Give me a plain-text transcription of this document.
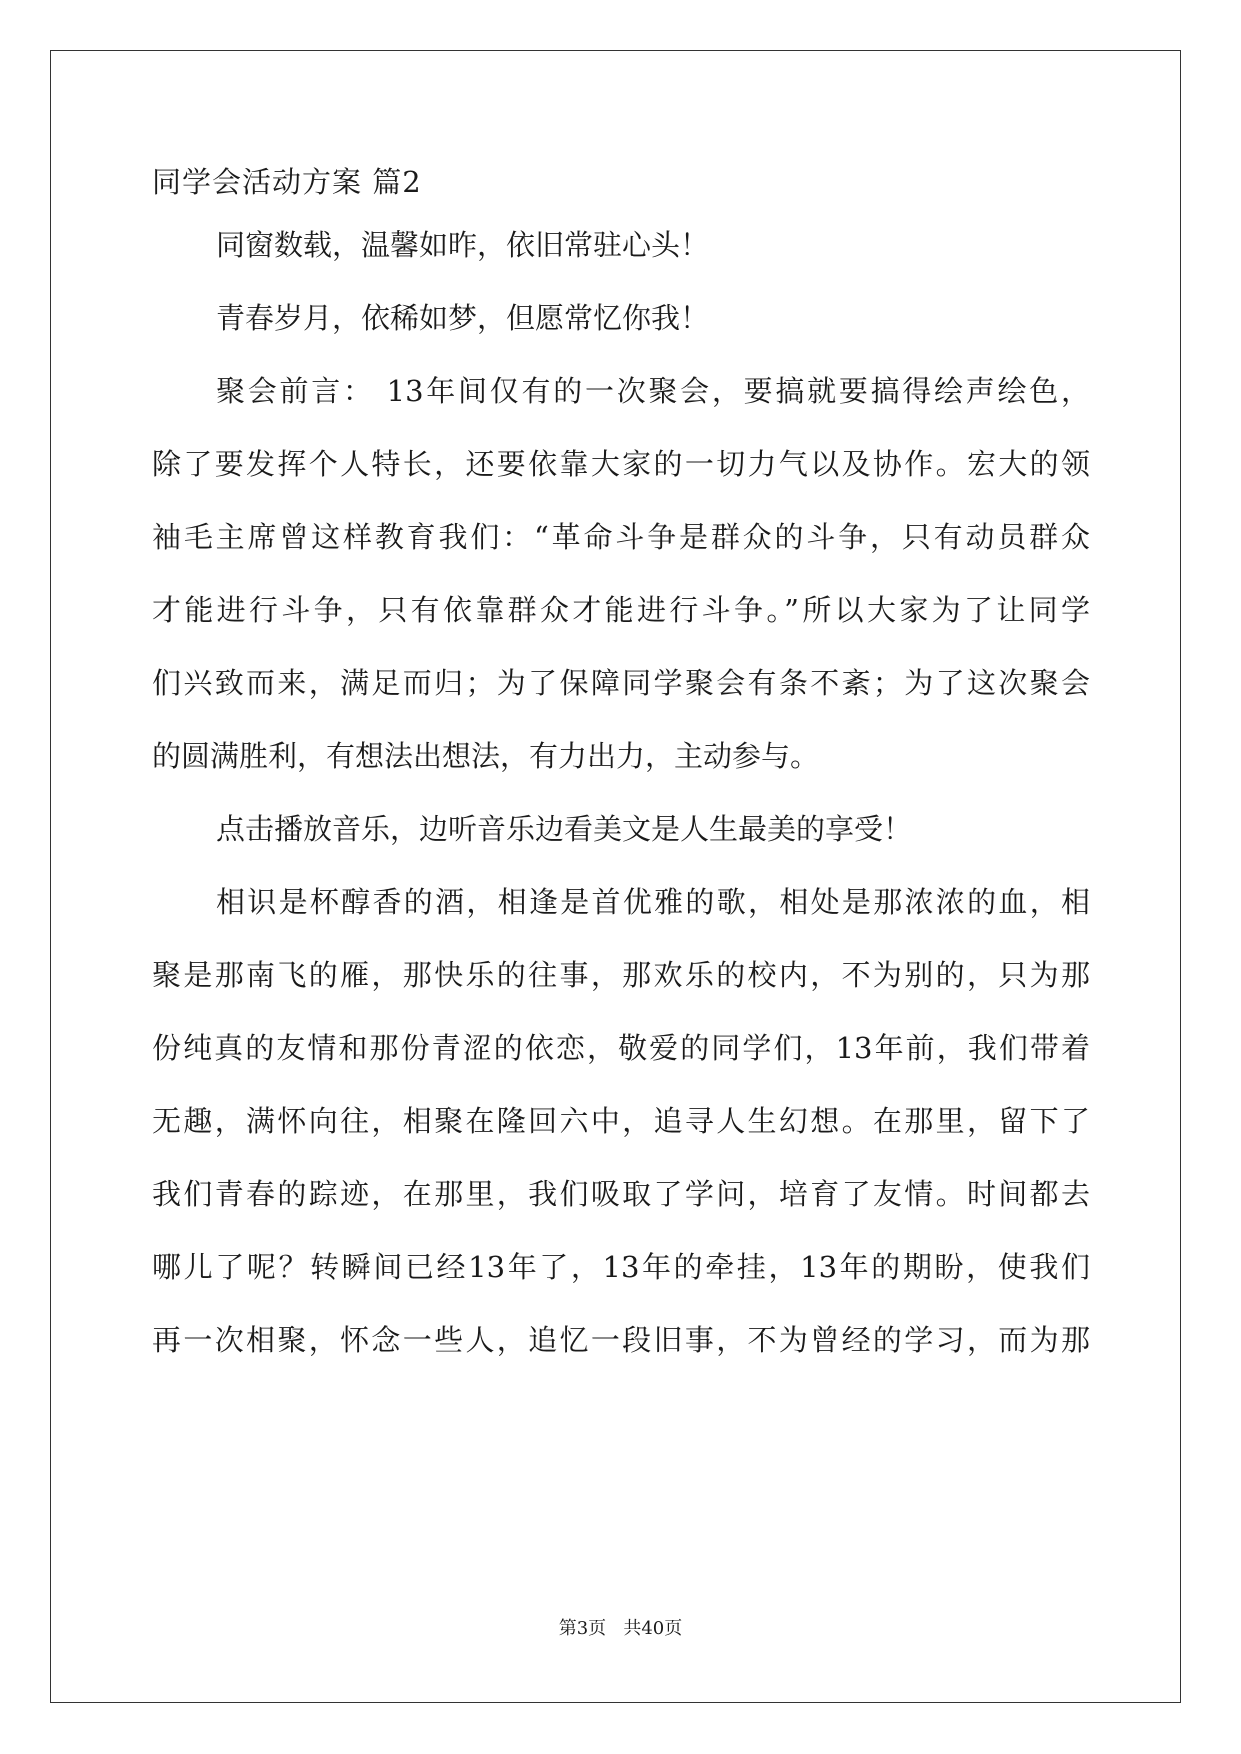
同学会活动方案 篇2
同窗数载，温馨如昨，依旧常驻心头！
青春岁月，依稀如梦，但愿常忆你我！
聚会前言： 13年间仅有的一次聚会，要搞就要搞得绘声绘色，
除了要发挥个人特长，还要依靠大家的一切力气以及协作。宏大的领
袖毛主席曾这样教育我们：“革命斗争是群众的斗争，只有动员群众
才能进行斗争，只有依靠群众才能进行斗争。”所以大家为了让同学
们兴致而来，满足而归；为了保障同学聚会有条不紊；为了这次聚会
的圆满胜利，有想法出想法，有力出力，主动参与。
点击播放音乐，边听音乐边看美文是人生最美的享受！
相识是杯醇香的酒，相逢是首优雅的歌，相处是那浓浓的血，相
聚是那南飞的雁，那快乐的往事，那欢乐的校内，不为别的，只为那
份纯真的友情和那份青涩的依恋，敬爱的同学们，13年前，我们带着
无趣，满怀向往，相聚在隆回六中，追寻人生幻想。在那里，留下了
我们青春的踪迹，在那里，我们吸取了学问，培育了友情。时间都去
哪儿了呢？转瞬间已经13年了，13年的牵挂，13年的期盼，使我们
再一次相聚，怀念一些人，追忆一段旧事，不为曾经的学习，而为那
第3页   共40页
